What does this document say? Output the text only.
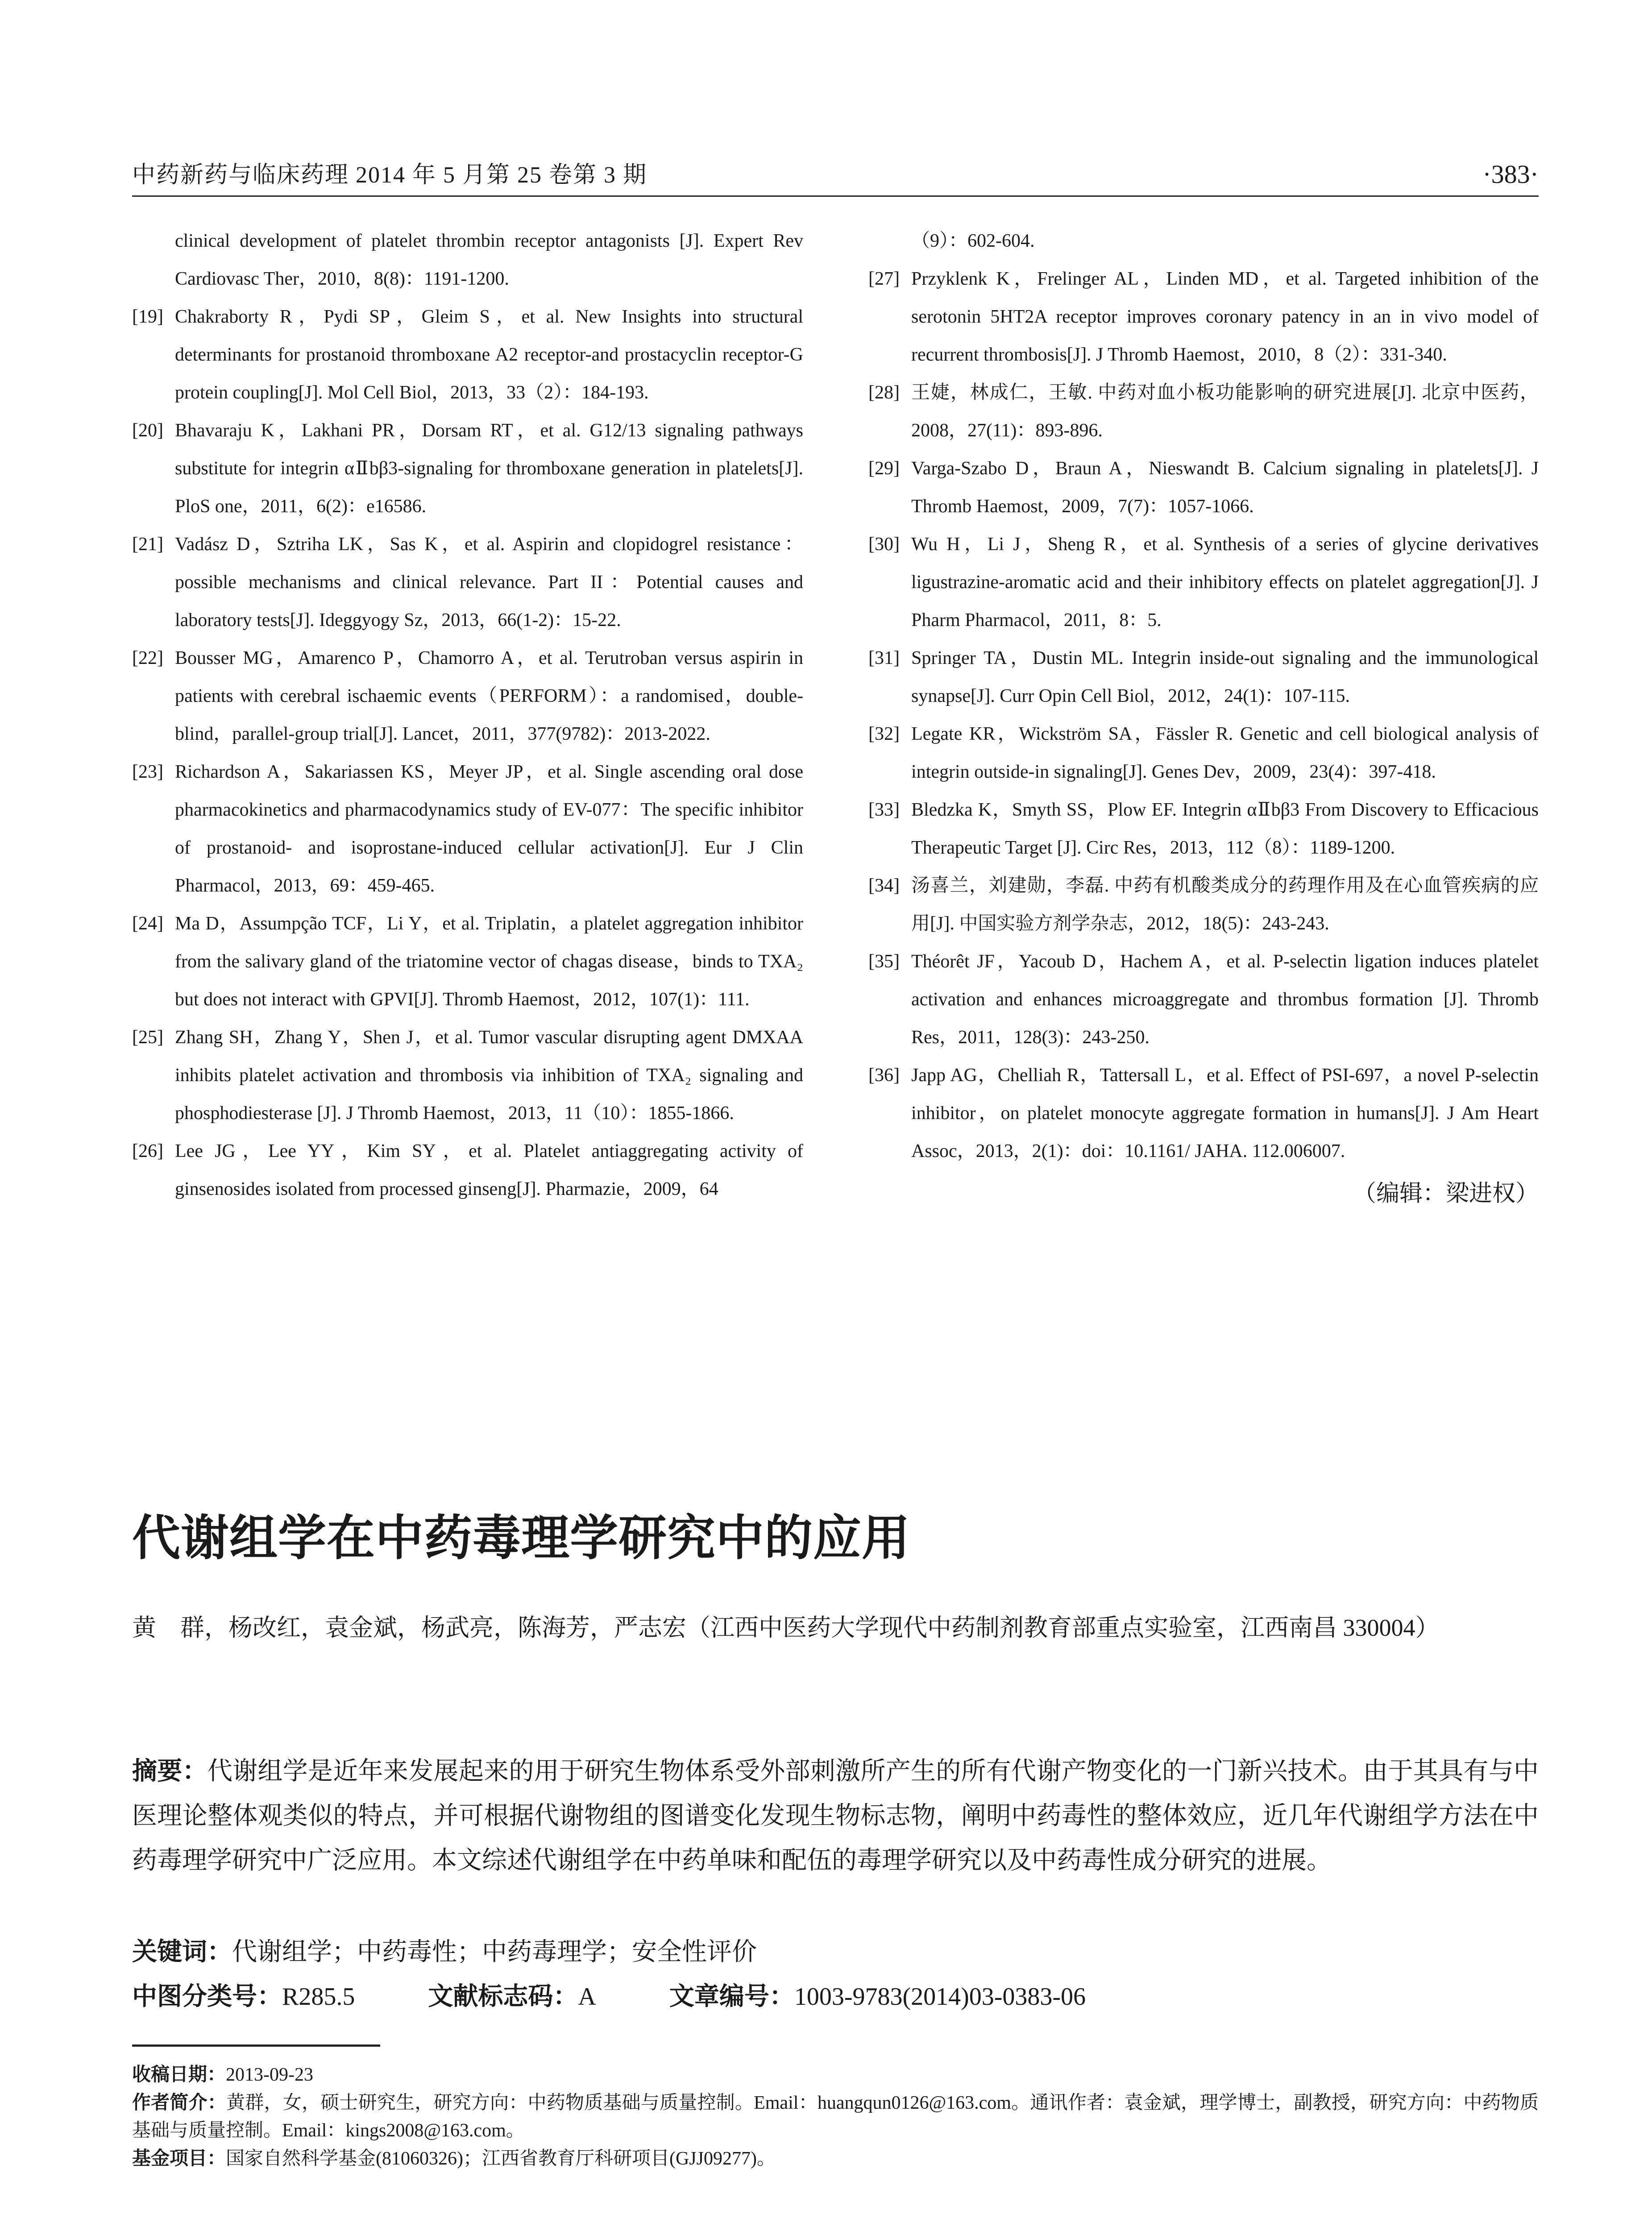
中药新药与临床药理 2014 年 5 月第 25 卷第 3 期	·383·
clinical development of platelet thrombin receptor antagonists [J]. Expert Rev Cardiovasc Ther，2010，8(8)：1191-1200.
[19] Chakraborty R，Pydi SP，Gleim S，et al. New Insights into structural determinants for prostanoid thromboxane A2 receptor-and prostacyclin receptor-G protein coupling[J]. Mol Cell Biol，2013，33（2）：184-193.
[20] Bhavaraju K，Lakhani PR，Dorsam RT，et al. G12/13 signaling pathways substitute for integrin αⅡbβ3-signaling for thromboxane generation in platelets[J]. PloS one，2011，6(2)：e16586.
[21] Vadász D，Sztriha LK，Sas K，et al. Aspirin and clopidogrel resistance：possible mechanisms and clinical relevance. Part II：Potential causes and laboratory tests[J]. Ideggyogy Sz，2013，66(1-2)：15-22.
[22] Bousser MG，Amarenco P，Chamorro A，et al. Terutroban versus aspirin in patients with cerebral ischaemic events（PERFORM）：a randomised，double-blind，parallel-group trial[J]. Lancet，2011，377(9782)：2013-2022.
[23] Richardson A，Sakariassen KS，Meyer JP，et al. Single ascending oral dose pharmacokinetics and pharmacodynamics study of EV-077：The specific inhibitor of prostanoid- and isoprostane-induced cellular activation[J]. Eur J Clin Pharmacol，2013，69：459-465.
[24] Ma D，Assumpção TCF，Li Y，et al. Triplatin，a platelet aggregation inhibitor from the salivary gland of the triatomine vector of chagas disease，binds to TXA₂ but does not interact with GPVI[J]. Thromb Haemost，2012，107(1)：111.
[25] Zhang SH，Zhang Y，Shen J，et al. Tumor vascular disrupting agent DMXAA inhibits platelet activation and thrombosis via inhibition of TXA₂ signaling and phosphodiesterase [J]. J Thromb Haemost，2013，11（10）：1855-1866.
[26] Lee JG，Lee YY，Kim SY，et al. Platelet antiaggregating activity of ginsenosides isolated from processed ginseng[J]. Pharmazie，2009，64
（9）：602-604.
[27] Przyklenk K，Frelinger AL，Linden MD，et al. Targeted inhibition of the serotonin 5HT2A receptor improves coronary patency in an in vivo model of recurrent thrombosis[J]. J Thromb Haemost，2010，8（2）：331-340.
[28] 王婕，林成仁，王敏. 中药对血小板功能影响的研究进展[J]. 北京中医药，2008，27(11)：893-896.
[29] Varga-Szabo D，Braun A，Nieswandt B. Calcium signaling in platelets[J]. J Thromb Haemost，2009，7(7)：1057-1066.
[30] Wu H，Li J，Sheng R，et al. Synthesis of a series of glycine derivatives ligustrazine-aromatic acid and their inhibitory effects on platelet aggregation[J]. J Pharm Pharmacol，2011，8：5.
[31] Springer TA，Dustin ML. Integrin inside-out signaling and the immunological synapse[J]. Curr Opin Cell Biol，2012，24(1)：107-115.
[32] Legate KR，Wickström SA，Fässler R. Genetic and cell biological analysis of integrin outside-in signaling[J]. Genes Dev，2009，23(4)：397-418.
[33] Bledzka K，Smyth SS，Plow EF. Integrin αⅡbβ3 From Discovery to Efficacious Therapeutic Target [J]. Circ Res，2013，112（8）：1189-1200.
[34] 汤喜兰，刘建勋，李磊. 中药有机酸类成分的药理作用及在心血管疾病的应用[J]. 中国实验方剂学杂志，2012，18(5)：243-243.
[35] Théorêt JF，Yacoub D，Hachem A，et al. P-selectin ligation induces platelet activation and enhances microaggregate and thrombus formation [J]. Thromb Res，2011，128(3)：243-250.
[36] Japp AG，Chelliah R，Tattersall L，et al. Effect of PSI-697，a novel P-selectin inhibitor，on platelet monocyte aggregate formation in humans[J]. J Am Heart Assoc，2013，2(1)：doi：10.1161/ JAHA. 112.006007.
（编辑：梁进权）
代谢组学在中药毒理学研究中的应用
黄　群，杨改红，袁金斌，杨武亮，陈海芳，严志宏（江西中医药大学现代中药制剂教育部重点实验室，江西南昌 330004）
摘要：代谢组学是近年来发展起来的用于研究生物体系受外部刺激所产生的所有代谢产物变化的一门新兴技术。由于其具有与中医理论整体观类似的特点，并可根据代谢物组的图谱变化发现生物标志物，阐明中药毒性的整体效应，近几年代谢组学方法在中药毒理学研究中广泛应用。本文综述代谢组学在中药单味和配伍的毒理学研究以及中药毒性成分研究的进展。
关键词：代谢组学；中药毒性；中药毒理学；安全性评价
中图分类号：R285.5	文献标志码：A	文章编号：1003-9783(2014)03-0383-06
收稿日期：2013-09-23
作者简介：黄群，女，硕士研究生，研究方向：中药物质基础与质量控制。Email：huangqun0126@163.com。通讯作者：袁金斌，理学博士，副教授，研究方向：中药物质基础与质量控制。Email：kings2008@163.com。
基金项目：国家自然科学基金(81060326)；江西省教育厅科研项目(GJJ09277)。
